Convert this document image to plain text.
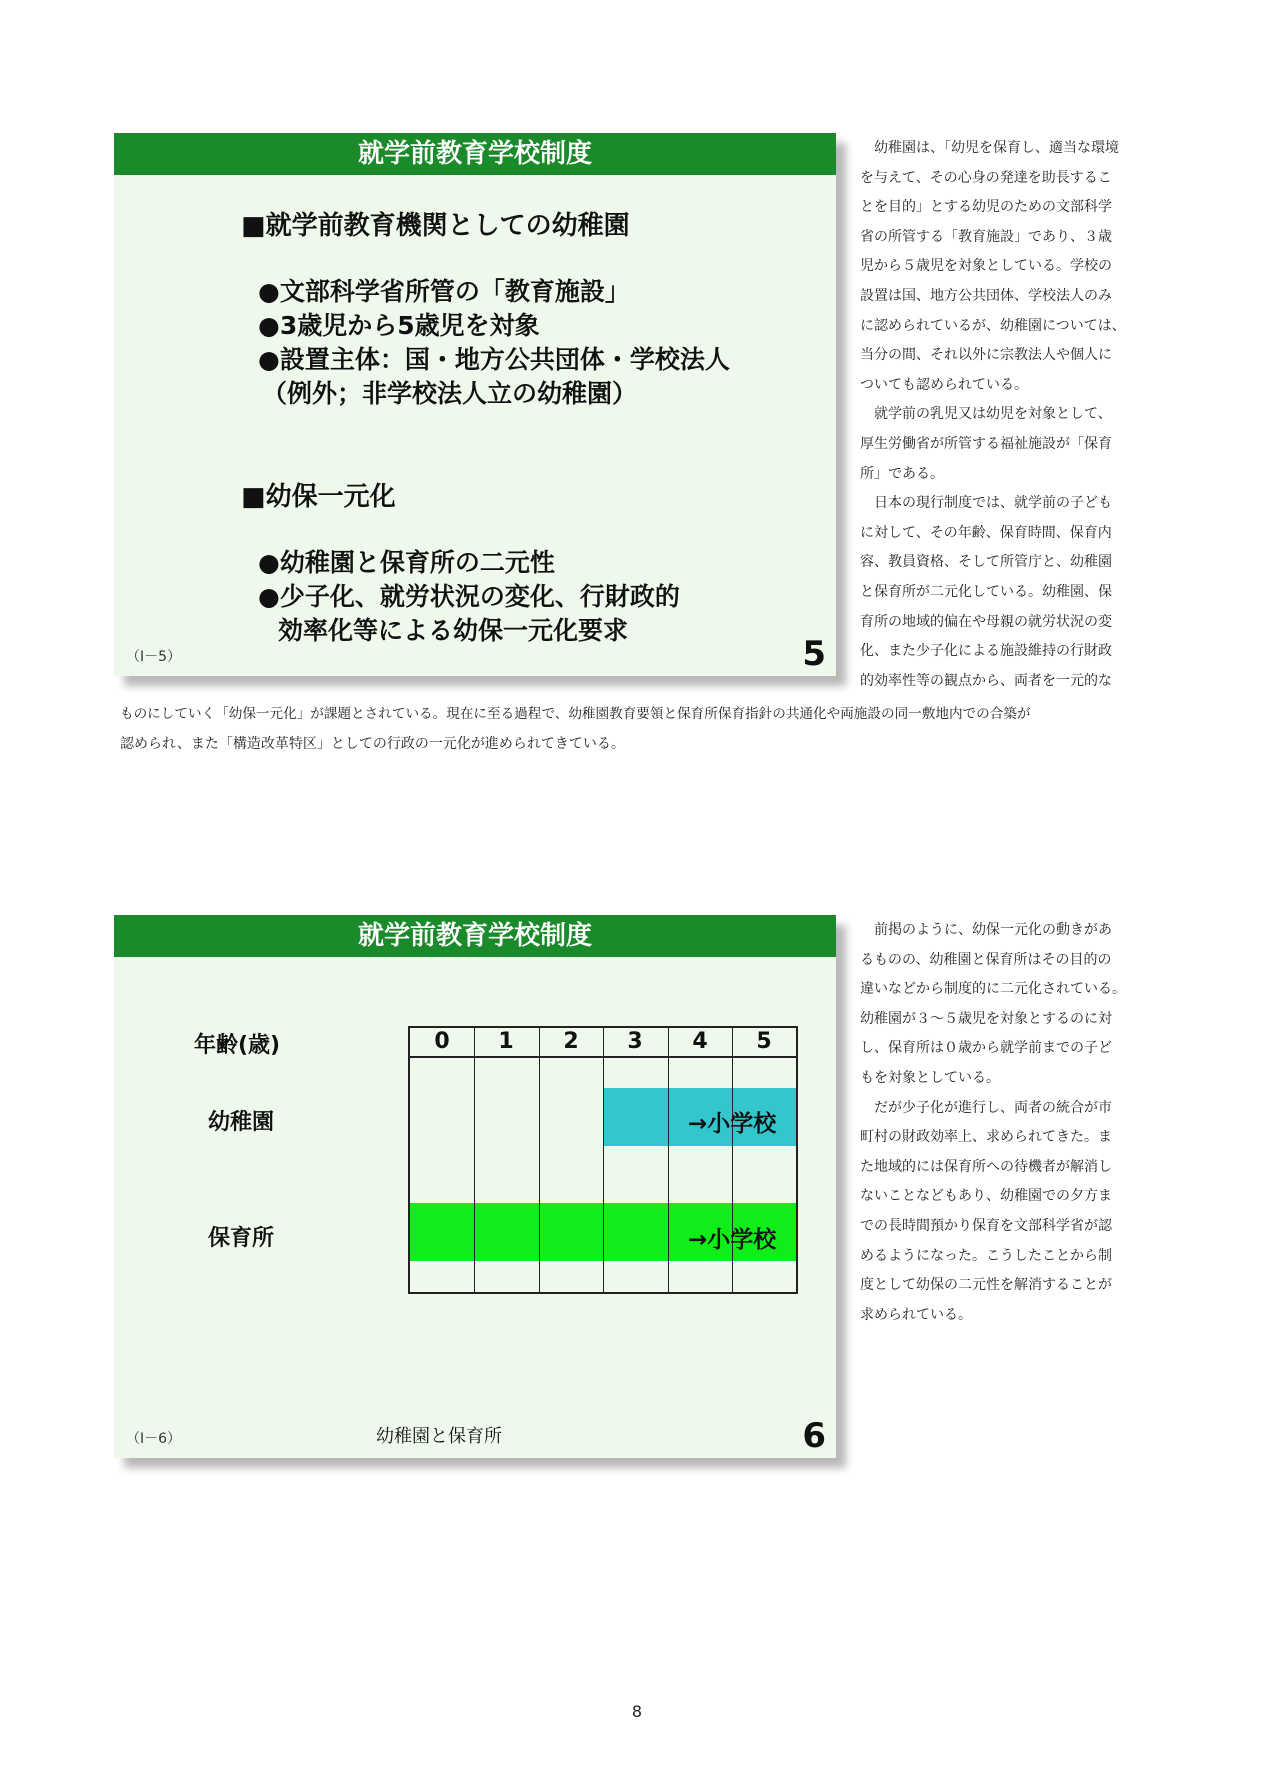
就学前教育学校制度
■就学前教育機関としての幼稚園
●文部科学省所管の「教育施設」
●3歳児から5歳児を対象
●設置主体：国・地方公共団体・学校法人
（例外；非学校法人立の幼稚園）
■幼保一元化
●幼稚園と保育所の二元性
●少子化、就労状況の変化、行財政的
効率化等による幼保一元化要求
（Ⅰ－5）	5
幼稚園は、「幼児を保育し、適当な環境
を与えて、その心身の発達を助長するこ
とを目的」とする幼児のための文部科学
省の所管する「教育施設」であり、３歳
児から５歳児を対象としている。学校の
設置は国、地方公共団体、学校法人のみ
に認められているが、幼稚園については、
当分の間、それ以外に宗教法人や個人に
ついても認められている。
就学前の乳児又は幼児を対象として、
厚生労働省が所管する福祉施設が「保育
所」である。
日本の現行制度では、就学前の子ども
に対して、その年齢、保育時間、保育内
容、教員資格、そして所管庁と、幼稚園
と保育所が二元化している。幼稚園、保
育所の地域的偏在や母親の就労状況の変
化、また少子化による施設維持の行財政
的効率性等の観点から、両者を一元的な
ものにしていく「幼保一元化」が課題とされている。現在に至る過程で、幼稚園教育要領と保育所保育指針の共通化や両施設の同一敷地内での合築が
認められ、また「構造改革特区」としての行政の一元化が進められてきている。
就学前教育学校制度
年齢(歳)
幼稚園
保育所
0	1	2	3	4	5
→小学校
→小学校
幼稚園と保育所
（Ⅰ－6）	6
前掲のように、幼保一元化の動きがあ
るものの、幼稚園と保育所はその目的の
違いなどから制度的に二元化されている。
幼稚園が３～５歳児を対象とするのに対
し、保育所は０歳から就学前までの子ど
もを対象としている。
だが少子化が進行し、両者の統合が市
町村の財政効率上、求められてきた。ま
た地域的には保育所への待機者が解消し
ないことなどもあり、幼稚園での夕方ま
での長時間預かり保育を文部科学省が認
めるようになった。こうしたことから制
度として幼保の二元性を解消することが
求められている。
8
